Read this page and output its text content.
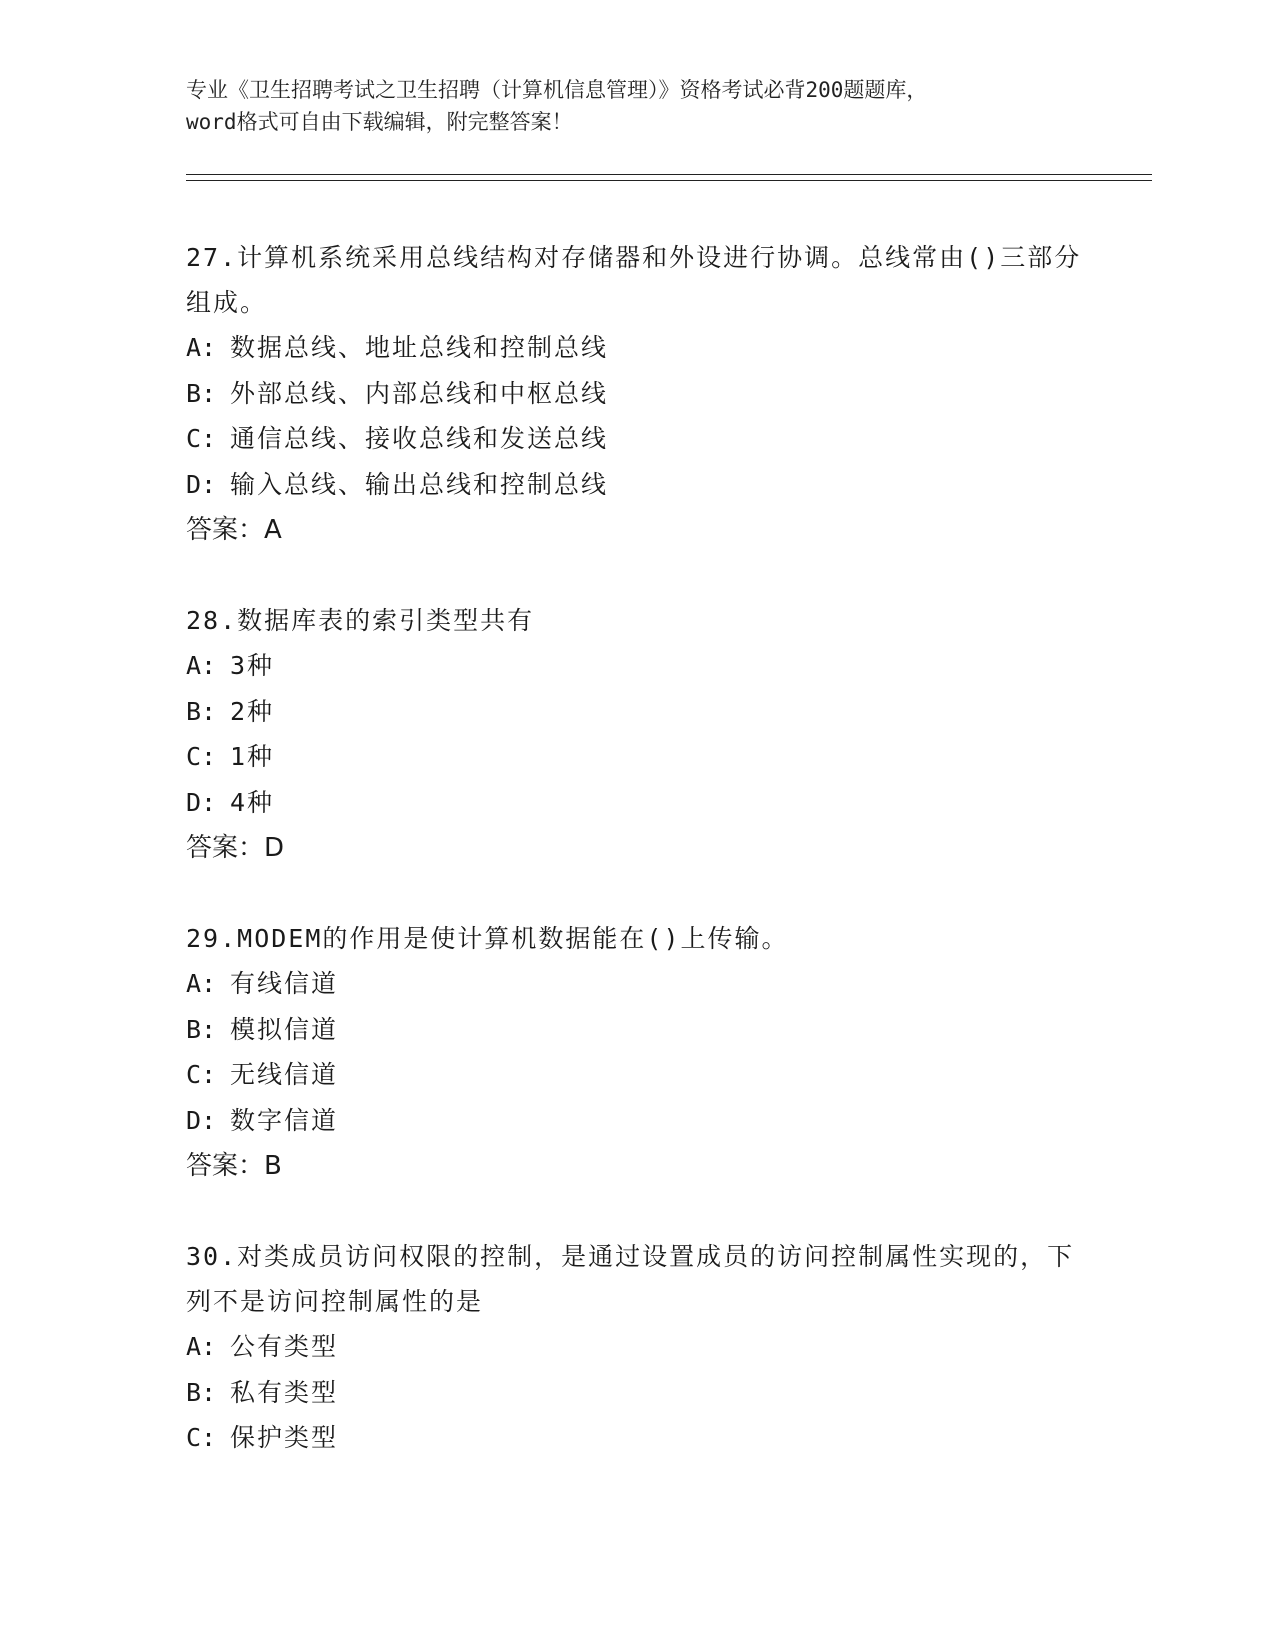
专业《卫生招聘考试之卫生招聘（计算机信息管理）》资格考试必背200题题库，
word格式可自由下载编辑，附完整答案！
27.计算机系统采用总线结构对存储器和外设进行协调。总线常由()三部分组成。
A: 数据总线、地址总线和控制总线
B: 外部总线、内部总线和中枢总线
C: 通信总线、接收总线和发送总线
D: 输入总线、输出总线和控制总线
答案：A
28.数据库表的索引类型共有
A: 3种
B: 2种
C: 1种
D: 4种
答案：D
29.MODEM的作用是使计算机数据能在()上传输。
A: 有线信道
B: 模拟信道
C: 无线信道
D: 数字信道
答案：B
30.对类成员访问权限的控制，是通过设置成员的访问控制属性实现的，下列不是访问控制属性的是
A: 公有类型
B: 私有类型
C: 保护类型
